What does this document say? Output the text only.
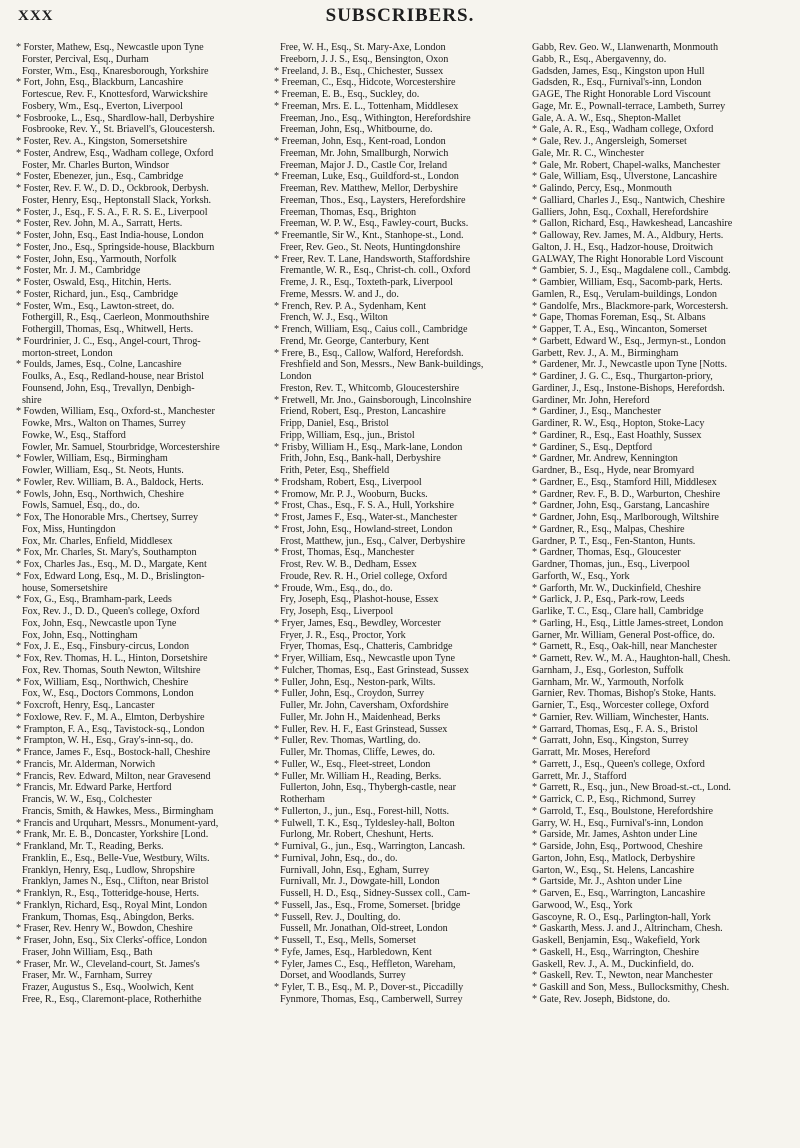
XXX	SUBSCRIBERS.
* Forster, Mathew, Esq., Newcastle upon Tyne
Forster, Percival, Esq., Durham
Forster, Wm., Esq., Knaresborough, Yorkshire
* Fort, John, Esq., Blackburn, Lancashire
Fortescue, Rev. F., Knottesford, Warwickshire
Fosbery, Wm., Esq., Everton, Liverpool
* Fosbrooke, L., Esq., Shardlow-hall, Derbyshire
Fosbrooke, Rev. Y., St. Briavell's, Gloucestersh.
* Foster, Rev. A., Kingston, Somersetshire
* Foster, Andrew, Esq., Wadham college, Oxford
Foster, Mr. Charles Burton, Windsor
* Foster, Ebenezer, jun., Esq., Cambridge
* Foster, Rev. F. W., D. D., Ockbrook, Derbysh.
Foster, Henry, Esq., Heptonstall Slack, Yorksh.
* Foster, J., Esq., F. S. A., F. R. S. E., Liverpool
* Foster, Rev. John, M. A., Sarratt, Herts.
* Foster, John, Esq., East India-house, London
* Foster, Jno., Esq., Springside-house, Blackburn
* Foster, John, Esq., Yarmouth, Norfolk
* Foster, Mr. J. M., Cambridge
* Foster, Oswald, Esq., Hitchin, Herts.
* Foster, Richard, jun., Esq., Cambridge
* Foster, Wm., Esq., Lawton-street, do.
Fothergill, R., Esq., Caerleon, Monmouthshire
Fothergill, Thomas, Esq., Whitwell, Herts.
* Fourdrinier, J. C., Esq., Angel-court, Throg-
morton-street, London
* Foulds, James, Esq., Colne, Lancashire
Foulks, A., Esq., Redland-house, near Bristol
Founsend, John, Esq., Trevallyn, Denbigh-
shire
* Fowden, William, Esq., Oxford-st., Manchester
Fowke, Mrs., Walton on Thames, Surrey
Fowke, W., Esq., Stafford
Fowler, Mr. Samuel, Stourbridge, Worcestershire
* Fowler, William, Esq., Birmingham
Fowler, William, Esq., St. Neots, Hunts.
* Fowler, Rev. William, B. A., Baldock, Herts.
* Fowls, John, Esq., Northwich, Cheshire
Fowls, Samuel, Esq., do., do.
* Fox, The Honorable Mrs., Chertsey, Surrey
Fox, Miss, Huntingdon
Fox, Mr. Charles, Enfield, Middlesex
* Fox, Mr. Charles, St. Mary's, Southampton
* Fox, Charles Jas., Esq., M. D., Margate, Kent
* Fox, Edward Long, Esq., M. D., Brislington-
house, Somersetshire
* Fox, G., Esq., Bramham-park, Leeds
Fox, Rev. J., D. D., Queen's college, Oxford
Fox, John, Esq., Newcastle upon Tyne
Fox, John, Esq., Nottingham
* Fox, J. E., Esq., Finsbury-circus, London
* Fox, Rev. Thomas, H. L., Hinton, Dorsetshire
Fox, Rev. Thomas, South Newton, Wiltshire
* Fox, William, Esq., Northwich, Cheshire
Fox, W., Esq., Doctors Commons, London
* Foxcroft, Henry, Esq., Lancaster
* Foxlowe, Rev. F., M. A., Elmton, Derbyshire
* Frampton, F. A., Esq., Tavistock-sq., London
* Frampton, W. H., Esq., Gray's-inn-sq., do.
* France, James F., Esq., Bostock-hall, Cheshire
* Francis, Mr. Alderman, Norwich
* Francis, Rev. Edward, Milton, near Gravesend
* Francis, Mr. Edward Parke, Hertford
Francis, W. W., Esq., Colchester
Francis, Smith, & Hawkes, Mess., Birmingham
* Francis and Urquhart, Messrs., Monument-yard,
* Frank, Mr. E. B., Doncaster, Yorkshire [Lond.
* Frankland, Mr. T., Reading, Berks.
Franklin, E., Esq., Belle-Vue, Westbury, Wilts.
Franklyn, Henry, Esq., Ludlow, Shropshire
Franklyn, James N., Esq., Clifton, near Bristol
* Franklyn, R., Esq., Totteridge-house, Herts.
* Franklyn, Richard, Esq., Royal Mint, London
Frankum, Thomas, Esq., Abingdon, Berks.
* Fraser, Rev. Henry W., Bowdon, Cheshire
* Fraser, John, Esq., Six Clerks'-office, London
Fraser, John William, Esq., Bath
* Fraser, Mr. W., Cleveland-court, St. James's
Fraser, Mr. W., Farnham, Surrey
Frazer, Augustus S., Esq., Woolwich, Kent
Free, R., Esq., Claremont-place, Rotherhithe
Free, W. H., Esq., St. Mary-Axe, London
Freeborn, J. J. S., Esq., Bensington, Oxon
* Freeland, J. B., Esq., Chichester, Sussex
* Freeman, C., Esq., Hidcote, Worcestershire
* Freeman, E. B., Esq., Suckley, do.
* Freeman, Mrs. E. L., Tottenham, Middlesex
Freeman, Jno., Esq., Withington, Herefordshire
Freeman, John, Esq., Whitbourne, do.
* Freeman, John, Esq., Kent-road, London
Freeman, Mr. John, Smallburgh, Norwich
Freeman, Major J. D., Castle Cor, Ireland
* Freeman, Luke, Esq., Guildford-st., London
Freeman, Rev. Matthew, Mellor, Derbyshire
Freeman, Thos., Esq., Laysters, Herefordshire
Freeman, Thomas, Esq., Brighton
Freeman, W. P. W., Esq., Fawley-court, Bucks.
* Freemantle, Sir W., Knt., Stanhope-st., Lond.
Freer, Rev. Geo., St. Neots, Huntingdonshire
* Freer, Rev. T. Lane, Handsworth, Staffordshire
Fremantle, W. R., Esq., Christ-ch. coll., Oxford
Freme, J. R., Esq., Toxteth-park, Liverpool
Freme, Messrs. W. and J., do.
* French, Rev. P. A., Sydenham, Kent
French, W. J., Esq., Wilton
* French, William, Esq., Caius coll., Cambridge
Frend, Mr. George, Canterbury, Kent
* Frere, B., Esq., Callow, Walford, Herefordsh.
Freshfield and Son, Messrs., New Bank-buildings,
London
Freston, Rev. T., Whitcomb, Gloucestershire
* Fretwell, Mr. Jno., Gainsborough, Lincolnshire
Friend, Robert, Esq., Preston, Lancashire
Fripp, Daniel, Esq., Bristol
Fripp, William, Esq., jun., Bristol
* Frisby, William H., Esq., Mark-lane, London
Frith, John, Esq., Bank-hall, Derbyshire
Frith, Peter, Esq., Sheffield
* Frodsham, Robert, Esq., Liverpool
* Fromow, Mr. P. J., Wooburn, Bucks.
* Frost, Chas., Esq., F. S. A., Hull, Yorkshire
* Frost, James F., Esq., Water-st., Manchester
* Frost, John, Esq., Howland-street, London
Frost, Matthew, jun., Esq., Calver, Derbyshire
* Frost, Thomas, Esq., Manchester
Frost, Rev. W. B., Dedham, Essex
Froude, Rev. R. H., Oriel college, Oxford
* Froude, Wm., Esq., do., do.
Fry, Joseph, Esq., Plashot-house, Essex
Fry, Joseph, Esq., Liverpool
* Fryer, James, Esq., Bewdley, Worcester
Fryer, J. R., Esq., Proctor, York
Fryer, Thomas, Esq., Chatteris, Cambridge
* Fryer, William, Esq., Newcastle upon Tyne
* Fulcher, Thomas, Esq., East Grinstead, Sussex
* Fuller, John, Esq., Neston-park, Wilts.
* Fuller, John, Esq., Croydon, Surrey
Fuller, Mr. John, Caversham, Oxfordshire
Fuller, Mr. John H., Maidenhead, Berks
* Fuller, Rev. H. F., East Grinstead, Sussex
* Fuller, Rev. Thomas, Wartling, do.
Fuller, Mr. Thomas, Cliffe, Lewes, do.
* Fuller, W., Esq., Fleet-street, London
* Fuller, Mr. William H., Reading, Berks.
Fullerton, John, Esq., Thybergh-castle, near
Rotherham
* Fullerton, J., jun., Esq., Forest-hill, Notts.
* Fulwell, T. K., Esq., Tyldesley-hall, Bolton
Furlong, Mr. Robert, Cheshunt, Herts.
* Furnival, G., jun., Esq., Warrington, Lancash.
* Furnival, John, Esq., do., do.
Furnivall, John, Esq., Egham, Surrey
Furnivall, Mr. J., Dowgate-hill, London
Fussell, H. D., Esq., Sidney-Sussex coll., Cam-
* Fussell, Jas., Esq., Frome, Somerset. [bridge
* Fussell, Rev. J., Doulting, do.
Fussell, Mr. Jonathan, Old-street, London
* Fussell, T., Esq., Mells, Somerset
* Fyfe, James, Esq., Harbledown, Kent
* Fyler, James C., Esq., Heffleton, Wareham,
Dorset, and Woodlands, Surrey
* Fyler, T. B., Esq., M. P., Dover-st., Piccadilly
Fynmore, Thomas, Esq., Camberwell, Surrey
Gabb, Rev. Geo. W., Llanwenarth, Monmouth
Gabb, R., Esq., Abergavenny, do.
Gadsden, James, Esq., Kingston upon Hull
Gadsden, R., Esq., Furnival's-inn, London
GAGE, The Right Honorable Lord Viscount
Gage, Mr. E., Pownall-terrace, Lambeth, Surrey
Gale, A. A. W., Esq., Shepton-Mallet
* Gale, A. R., Esq., Wadham college, Oxford
* Gale, Rev. J., Angersleigh, Somerset
Gale, Mr. R. C., Winchester
* Gale, Mr. Robert, Chapel-walks, Manchester
* Gale, William, Esq., Ulverstone, Lancashire
* Galindo, Percy, Esq., Monmouth
* Galliard, Charles J., Esq., Nantwich, Cheshire
Galliers, John, Esq., Coxhall, Herefordshire
* Gallon, Richard, Esq., Hawkeshead, Lancashire
* Galloway, Rev. James, M. A., Aldbury, Herts.
Galton, J. H., Esq., Hadzor-house, Droitwich
GALWAY, The Right Honorable Lord Viscount
* Gambier, S. J., Esq., Magdalene coll., Cambdg.
* Gambier, William, Esq., Sacomb-park, Herts.
Gamlen, R., Esq., Verulam-buildings, London
* Gandolfe, Mrs., Blackmore-park, Worcestersh.
* Gape, Thomas Foreman, Esq., St. Albans
* Gapper, T. A., Esq., Wincanton, Somerset
* Garbett, Edward W., Esq., Jermyn-st., London
Garbett, Rev. J., A. M., Birmingham
* Gardener, Mr. J., Newcastle upon Tyne [Notts.
* Gardiner, J. G. C., Esq., Thurgarton-priory,
Gardiner, J., Esq., Instone-Bishops, Herefordsh.
Gardiner, Mr. John, Hereford
* Gardiner, J., Esq., Manchester
Gardiner, R. W., Esq., Hopton, Stoke-Lacy
* Gardiner, R., Esq., East Hoathly, Sussex
* Gardiner, S., Esq., Deptford
* Gardner, Mr. Andrew, Kennington
Gardner, B., Esq., Hyde, near Bromyard
* Gardner, E., Esq., Stamford Hill, Middlesex
* Gardner, Rev. F., B. D., Warburton, Cheshire
* Gardner, John, Esq., Garstang, Lancashire
* Gardner, John, Esq., Marlborough, Wiltshire
* Gardner, R., Esq., Malpas, Cheshire
Gardner, P. T., Esq., Fen-Stanton, Hunts.
* Gardner, Thomas, Esq., Gloucester
Gardner, Thomas, jun., Esq., Liverpool
Garforth, W., Esq., York
* Garforth, Mr. W., Duckinfield, Cheshire
* Garlick, J. P., Esq., Park-row, Leeds
Garlike, T. C., Esq., Clare hall, Cambridge
* Garling, H., Esq., Little James-street, London
Garner, Mr. William, General Post-office, do.
* Garnett, R., Esq., Oak-hill, near Manchester
* Garnett, Rev. W., M. A., Haughton-hall, Chesh.
Garnham, J., Esq., Gorleston, Suffolk
Garnham, Mr. W., Yarmouth, Norfolk
Garnier, Rev. Thomas, Bishop's Stoke, Hants.
Garnier, T., Esq., Worcester college, Oxford
* Garnier, Rev. William, Winchester, Hants.
* Garrard, Thomas, Esq., F. A. S., Bristol
* Garratt, John, Esq., Kingston, Surrey
Garratt, Mr. Moses, Hereford
* Garrett, J., Esq., Queen's college, Oxford
Garrett, Mr. J., Stafford
* Garrett, R., Esq., jun., New Broad-st.-ct., Lond.
* Garrick, C. P., Esq., Richmond, Surrey
* Garrold, T., Esq., Boulstone, Herefordshire
Garry, W. H., Esq., Furnival's-inn, London
* Garside, Mr. James, Ashton under Line
* Garside, John, Esq., Portwood, Cheshire
Garton, John, Esq., Matlock, Derbyshire
Garton, W., Esq., St. Helens, Lancashire
* Gartside, Mr. J., Ashton under Line
* Garven, E., Esq., Warrington, Lancashire
Garwood, W., Esq., York
Gascoyne, R. O., Esq., Parlington-hall, York
* Gaskarth, Mess. J. and J., Altrincham, Chesh.
Gaskell, Benjamin, Esq., Wakefield, York
* Gaskell, H., Esq., Warrington, Cheshire
Gaskell, Rev. J., A. M., Duckinfield, do.
* Gaskell, Rev. T., Newton, near Manchester
* Gaskill and Son, Mess., Bullocksmithy, Chesh.
* Gate, Rev. Joseph, Bidstone, do.
